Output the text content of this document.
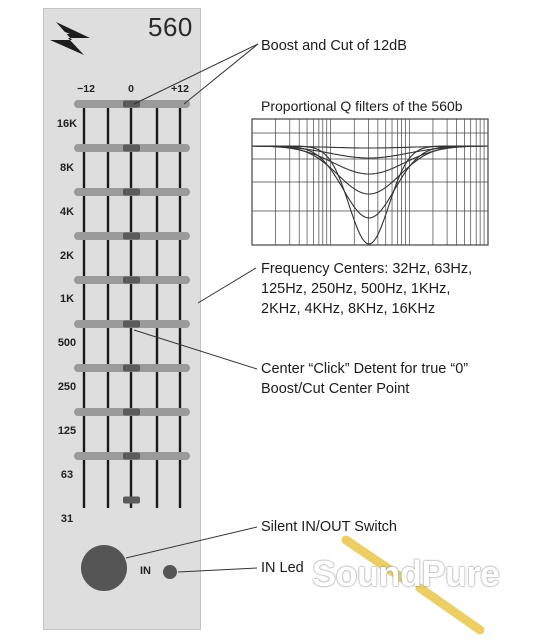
560
−12	0	+12
16K
8K
4K
2K
1K
500
250
125
63
31
IN
Boost and Cut of 12dB
Proportional Q filters of the 560b
Frequency Centers: 32Hz, 63Hz,
125Hz, 250Hz, 500Hz, 1KHz,
2KHz, 4KHz, 8KHz, 16KHz
Center “Click” Detent for true “0”
Boost/Cut Center Point
Silent IN/OUT Switch
IN Led SoundPure
